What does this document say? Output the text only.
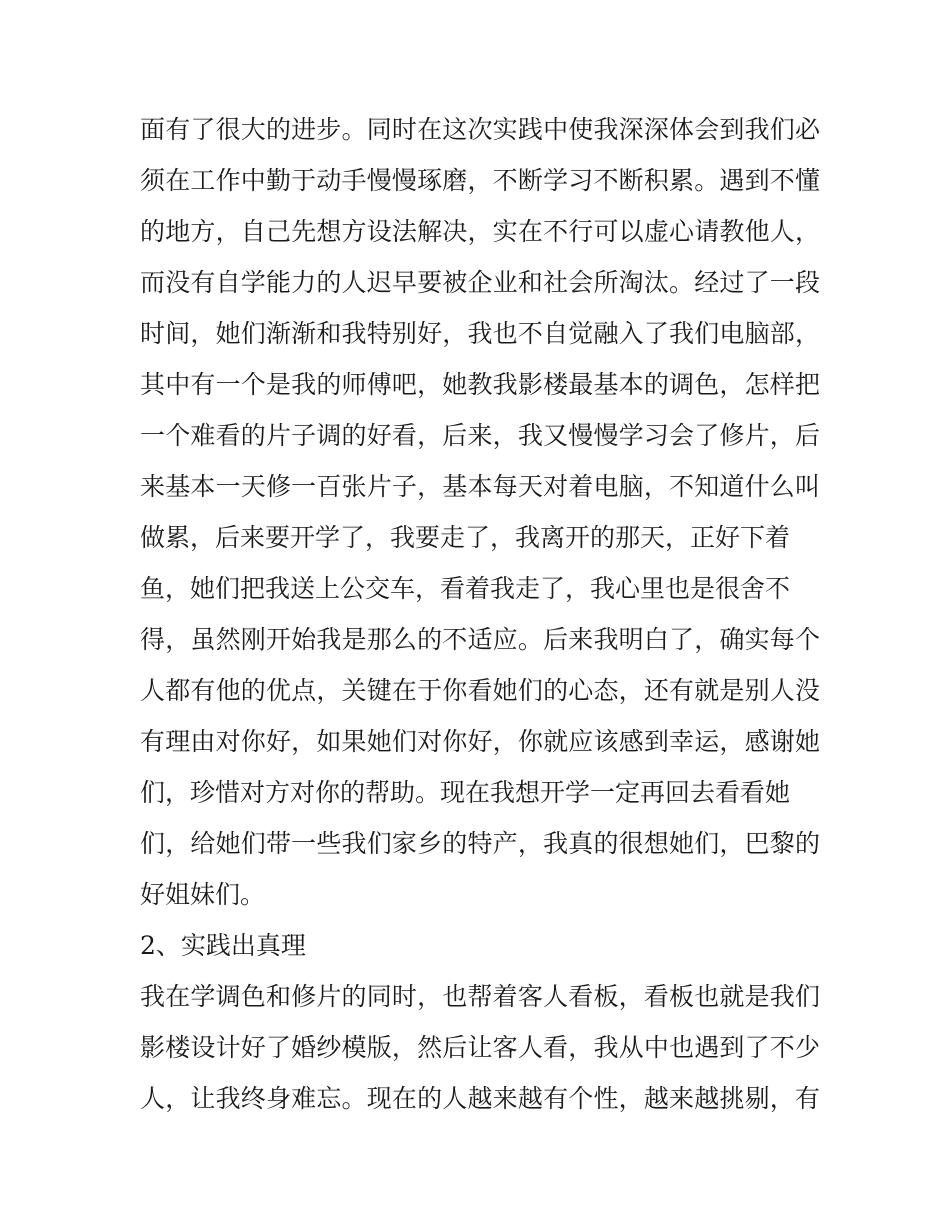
面有了很大的进步。同时在这次实践中使我深深体会到我们必
须在工作中勤于动手慢慢琢磨，不断学习不断积累。遇到不懂
的地方，自己先想方设法解决，实在不行可以虚心请教他人，
而没有自学能力的人迟早要被企业和社会所淘汰。经过了一段
时间，她们渐渐和我特别好，我也不自觉融入了我们电脑部，
其中有一个是我的师傅吧，她教我影楼最基本的调色，怎样把
一个难看的片子调的好看，后来，我又慢慢学习会了修片，后
来基本一天修一百张片子，基本每天对着电脑，不知道什么叫
做累，后来要开学了，我要走了，我离开的那天，正好下着
鱼，她们把我送上公交车，看着我走了，我心里也是很舍不
得，虽然刚开始我是那么的不适应。后来我明白了，确实每个
人都有他的优点，关键在于你看她们的心态，还有就是别人没
有理由对你好，如果她们对你好，你就应该感到幸运，感谢她
们，珍惜对方对你的帮助。现在我想开学一定再回去看看她
们，给她们带一些我们家乡的特产，我真的很想她们，巴黎的
好姐妹们。
2、实践出真理
我在学调色和修片的同时，也帮着客人看板，看板也就是我们
影楼设计好了婚纱模版，然后让客人看，我从中也遇到了不少
人，让我终身难忘。现在的人越来越有个性，越来越挑剔，有
